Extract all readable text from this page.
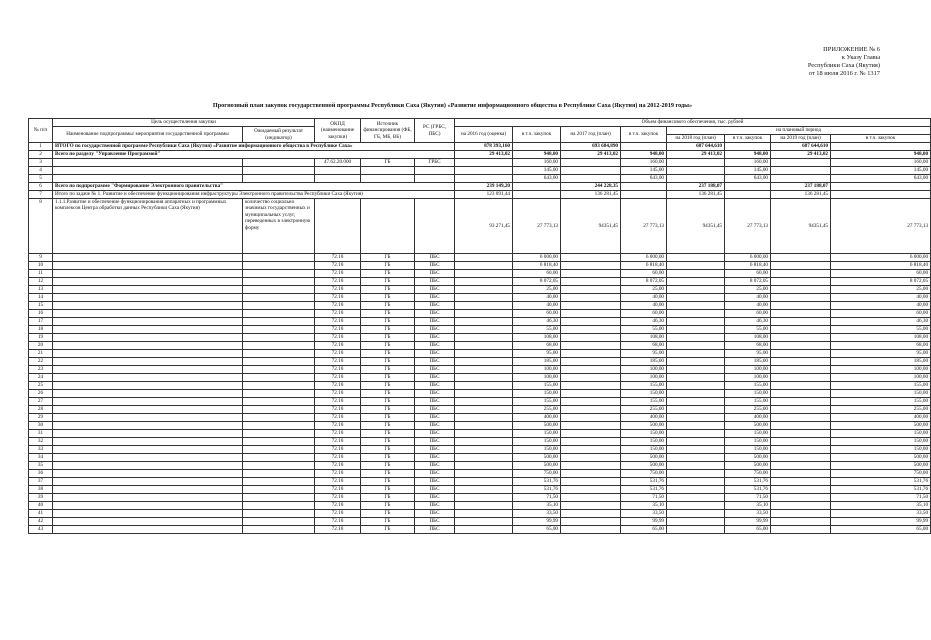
ПРИЛОЖЕНИЕ № 6
к Указу Главы
Республики Саха (Якутия)
от 18 июля 2016 г. № 1317
Прогнозный план закупок государственной программы Республики Саха (Якутия) «Развитие информационного общества в Республике Саха (Якутия) на 2012-2019 годы»
№ п/п	Цель осуществления закупки		ОКПД (наименование закупки)	Источник финансирования (ФБ, ГБ, МБ, ВБ)	РС (ГРБС, ПБС)	Объем финансового обеспечения, тыс. рублей							
	Наименование подпрограммы/ мероприятия государственной программы	Ожидаемый результат (индикатор)				на 2016 год (оценка)	в т.ч. закупок	на 2017 год (план)	в т.ч. закупок	на плановый период			
										на 2018 год (план)	в т.ч. закупок	на 2019 год (план)	в т.ч. закупок
1	ИТОГО по государственной программе Республики Саха (Якутия) «Развитие информационного общества в Республике Саха»					878 393,160		693 684,890		687 644,610		687 644,610	
2	Всего по разделу "Управление Программой"					29 413,02	948,00	29 413,02	948,00	29 413,02	948,00	29 413,02	948,00
3			47.62.20.000	ГБ	ГРБС		160,00		160,00		160,00		160,00
4							145,00		145,00		145,00		145,00
5							643,00		643,00		643,00		643,00
6	Всего по подпрограмме "Формирование Электронного правительства"					239 149,20		244 228,35		237 188,07		237 188,07	
7	Итого по задаче № 1. Развитие и обеспечение функционирования инфраструктуры Электронного правительства Республики Саха (Якутия)					123 091,44		136 281,45		136 281,45		136 281,45	
8	1.1.1.Развитие и обеспечение функционирования аппаратных и программных комплексов Центра обработки данных Республики Саха (Якутия)	количество социально значимых государственных и муниципальных услуг, переведенных в электронную форму				93 271,45	27 773,13	94351,45	27 773,13	94351,45	27 773,13	94351,45	27 773,13
9			72.10	ГБ	ПБС		6 000,00		6 000,00		6 000,00		6 000,00
10			72.10	ГБ	ПБС		6 818,40		6 818,40		6 818,40		6 818,40
11			72.10	ГБ	ПБС		60,00		60,00		60,00		60,00
12			72.10	ГБ	ПБС		8 072,05		8 072,05		8 072,05		8 072,05
13			72.10	ГБ	ПБС		25,00		25,00		25,00		25,00
14			72.10	ГБ	ПБС		40,00		40,00		40,00		40,00
15			72.10	ГБ	ПБС		40,00		40,00		40,00		40,00
16			72.10	ГБ	ПБС		60,00		60,00		60,00		60,00
17			72.10	ГБ	ПБС		46,30		46,30		46,30		46,30
18			72.10	ГБ	ПБС		55,00		55,00		55,00		55,00
19			72.10	ГБ	ПБС		108,00		108,00		108,00		108,00
20			72.10	ГБ	ПБС		68,00		68,00		68,00		68,00
21			72.10	ГБ	ПБС		95,00		95,00		95,00		95,00
22			72.10	ГБ	ПБС		185,00		185,00		185,00		185,00
23			72.10	ГБ	ПБС		100,00		100,00		100,00		100,00
24			72.10	ГБ	ПБС		100,00		100,00		100,00		100,00
25			72.10	ГБ	ПБС		155,00		155,00		155,00		155,00
26			72.10	ГБ	ПБС		150,00		150,00		150,00		150,00
27			72.10	ГБ	ПБС		155,00		155,00		155,00		155,00
28			72.10	ГБ	ПБС		255,00		255,00		255,00		255,00
29			72.10	ГБ	ПБС		400,00		400,00		400,00		400,00
30			72.10	ГБ	ПБС		500,00		500,00		500,00		500,00
31			72.10	ГБ	ПБС		150,00		150,00		150,00		150,00
32			72.10	ГБ	ПБС		150,00		150,00		150,00		150,00
33			72.10	ГБ	ПБС		150,00		150,00		150,00		150,00
34			72.10	ГБ	ПБС		500,00		500,00		500,00		500,00
35			72.10	ГБ	ПБС		500,00		500,00		500,00		500,00
36			72.10	ГБ	ПБС		750,00		750,00		750,00		750,00
37			72.10	ГБ	ПБС		531,76		531,76		531,76		531,76
38			72.10	ГБ	ПБС		531,76		531,76		531,76		531,76
39			72.10	ГБ	ПБС		71,50		71,50		71,50		71,50
40			72.10	ГБ	ПБС		35,10		35,10		35,10		35,10
41			72.10	ГБ	ПБС		33,50		33,50		33,50		33,50
42			72.10	ГБ	ПБС		99,99		99,99		99,99		99,99
43			72.10	ГБ	ПБС		65,00		65,00		65,00		65,00
